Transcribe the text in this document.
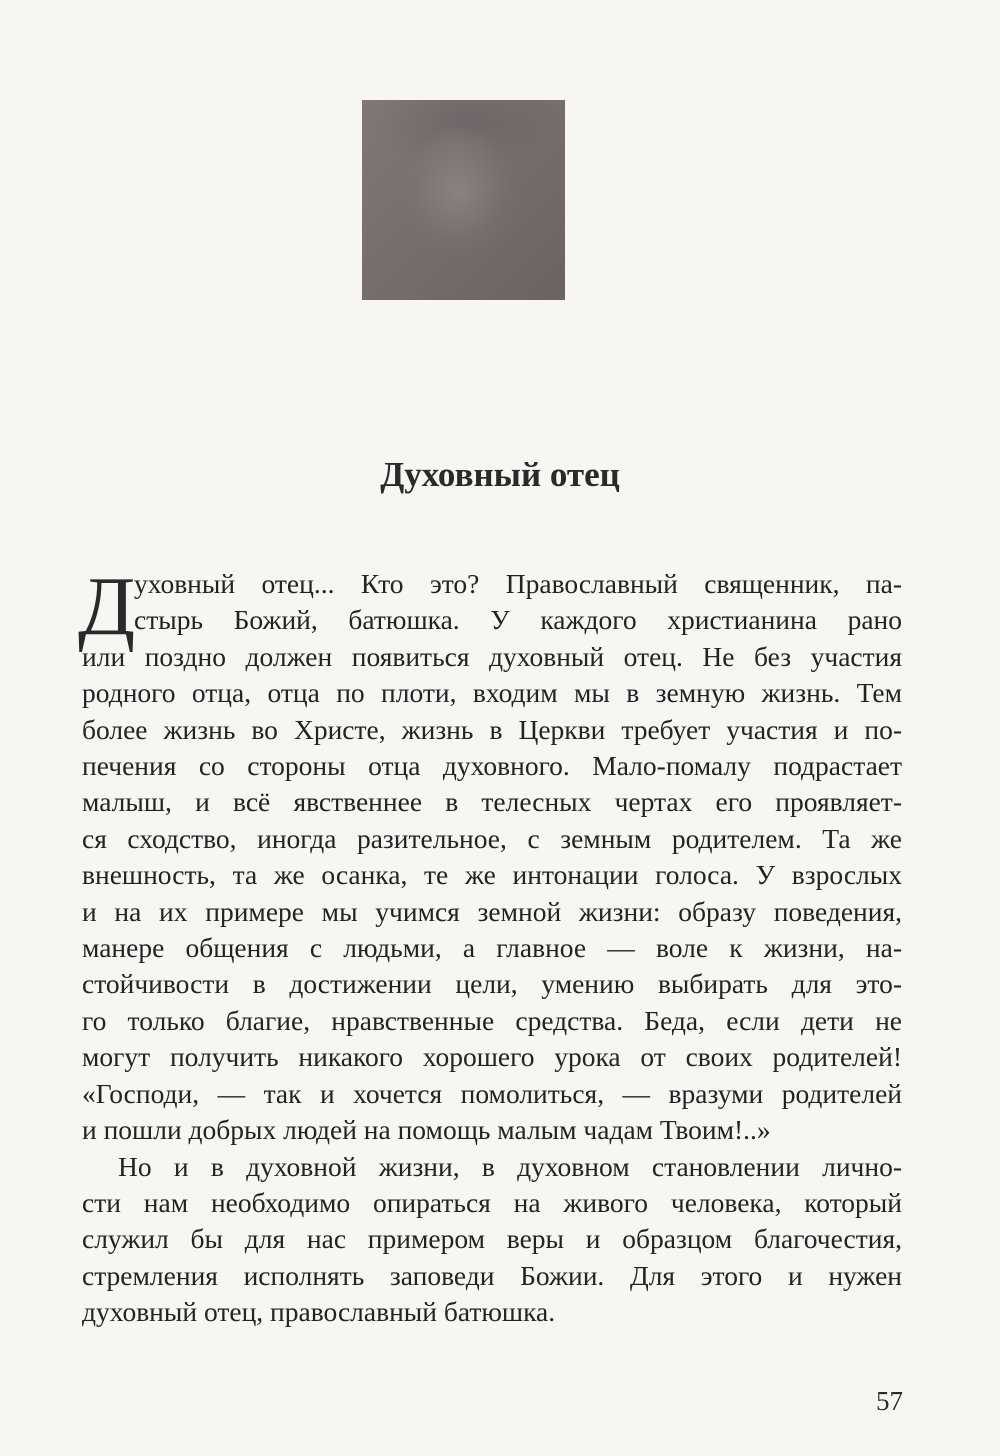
Духовный отец
Д
уховный отец... Кто это? Православный священник, па-
стырь Божий, батюшка. У каждого христианина рано
или поздно должен появиться духовный отец. Не без участия
родного отца, отца по плоти, входим мы в земную жизнь. Тем
более жизнь во Христе, жизнь в Церкви требует участия и по-
печения со стороны отца духовного. Мало-помалу подрастает
малыш, и всё явственнее в телесных чертах его проявляет-
ся сходство, иногда разительное, с земным родителем. Та же
внешность, та же осанка, те же интонации голоса. У взрослых
и на их примере мы учимся земной жизни: образу поведения,
манере общения с людьми, а главное — воле к жизни, на-
стойчивости в достижении цели, умению выбирать для это-
го только благие, нравственные средства. Беда, если дети не
могут получить никакого хорошего урока от своих родителей!
«Господи, — так и хочется помолиться, — вразуми родителей
и пошли добрых людей на помощь малым чадам Твоим!..»
Но и в духовной жизни, в духовном становлении лично-
сти нам необходимо опираться на живого человека, который
служил бы для нас примером веры и образцом благочестия,
стремления исполнять заповеди Божии. Для этого и нужен
духовный отец, православный батюшка.
57
